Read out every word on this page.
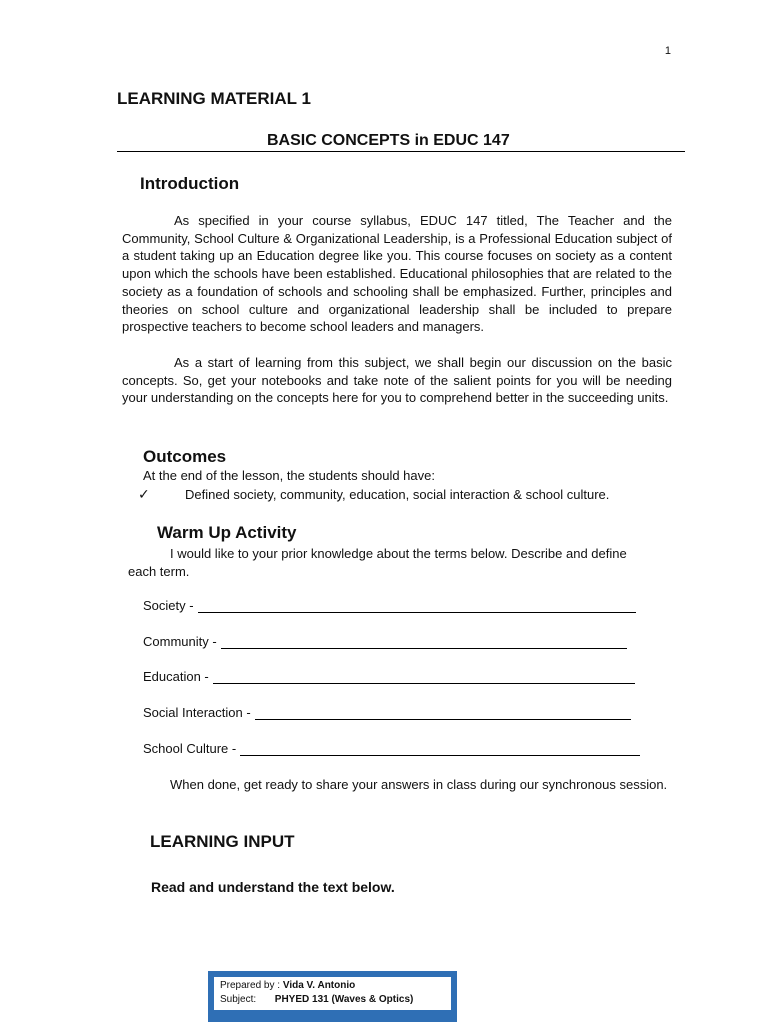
1
LEARNING MATERIAL 1
BASIC CONCEPTS in EDUC 147
Introduction

As specified in your course syllabus, EDUC 147 titled, The Teacher and the Community, School Culture & Organizational Leadership, is a Professional Education subject of a student taking up an Education degree like you. This course focuses on society as a content upon which the schools have been established. Educational philosophies that are related to the society as a foundation of schools and schooling shall be emphasized. Further, principles and theories on school culture and organizational leadership shall be included to prepare prospective teachers to become school leaders and managers.

As a start of learning from this subject, we shall begin our discussion on the basic concepts. So, get your notebooks and take note of the salient points for you will be needing your understanding on the concepts here for you to comprehend better in the succeeding units.

Outcomes
At the end of the lesson, the students should have:
✓	Defined society, community, education, social interaction & school culture.
Warm Up Activity

I would like to your prior knowledge about the terms below. Describe and define each term.

Society -
Community -
Education -
Social Interaction -
School Culture -

When done, get ready to share your answers in class during our synchronous session.

LEARNING INPUT
Read and understand the text below.
Prepared by : Vida V. Antonio
Subject: PHYED 131 (Waves & Optics)
